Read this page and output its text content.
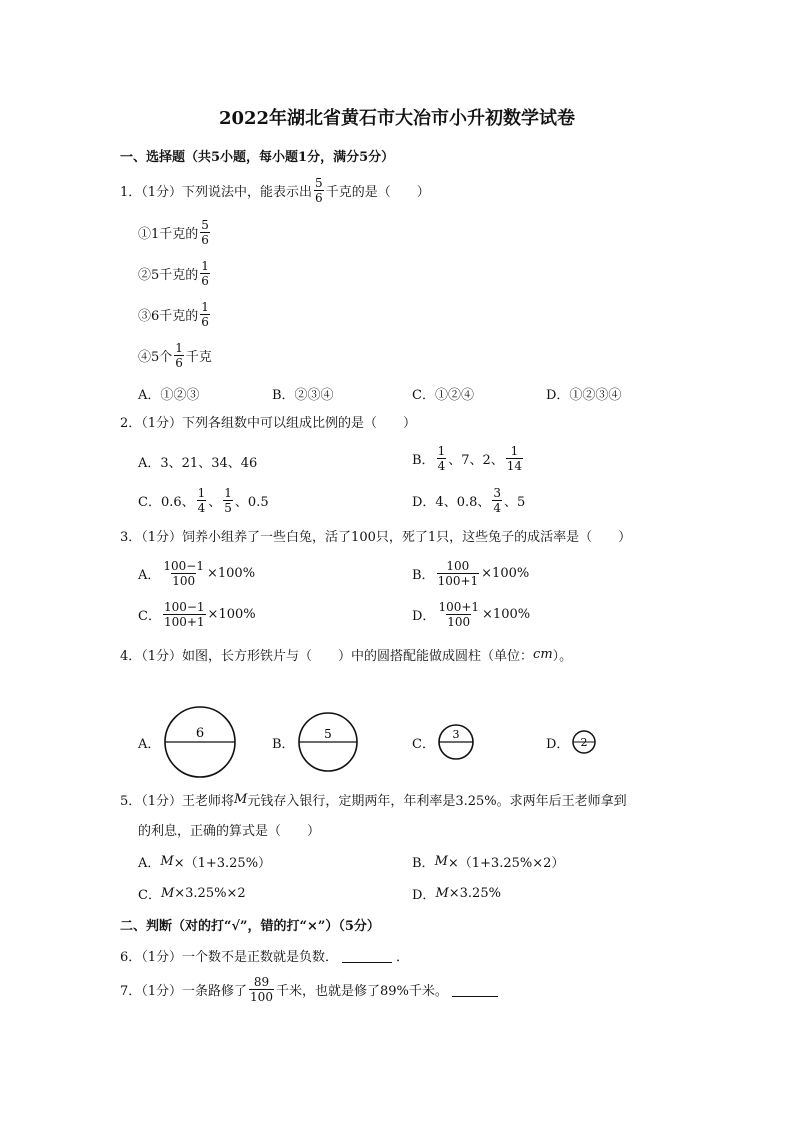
2022年湖北省黄石市大冶市小升初数学试卷
一、选择题（共5小题，每小题1分，满分5分）
1．（1分）下列说法中，能表示出 $\frac{5}{6}$ 千克的是（　　）
①1千克的 $\frac{5}{6}$
②5千克的 $\frac{1}{6}$
③6千克的 $\frac{1}{6}$
④5个 $\frac{1}{6}$ 千克
A．①②③	B．②③④	C．①②④	D．①②③④
2．（1分）下列各组数中可以组成比例的是（　　）
A．3、21、34、46	B． $\frac{1}{4}$ 、7、2、 $\frac{1}{14}$
C．0.6、 $\frac{1}{4}$ 、 $\frac{1}{5}$ 、0.5	D．4、0.8、 $\frac{3}{4}$ 、5
3．（1分）饲养小组养了一些白兔，活了100只，死了1只，这些兔子的成活率是（　　）
A． $\frac{100-1}{100} \times 100\%$	B． $\frac{100}{100+1} \times 100\%$
C． $\frac{100-1}{100+1} \times 100\%$	D． $\frac{100+1}{100} \times 100\%$
4．（1分）如图，长方形铁片与（　　）中的圆搭配能做成圆柱（单位： cm ）。
A．
6
B．
5
C．
3
D． 2
5．（1分）王老师将 M 元钱存入银行，定期两年，年利率是3.25%。求两年后王老师拿到
的利息，正确的算式是（　　）
A． M ×（1+3.25%）	B． M ×（1+3.25%×2）
C． M ×3.25%×2	D． M ×3.25%
二、判断（对的打“√”，错的打“×”）（5分）
6．（1分）一个数不是正数就是负数．	．
7．（1分）一条路修了 $\frac{89}{100}$ 千米，也就是修了89%千米。
